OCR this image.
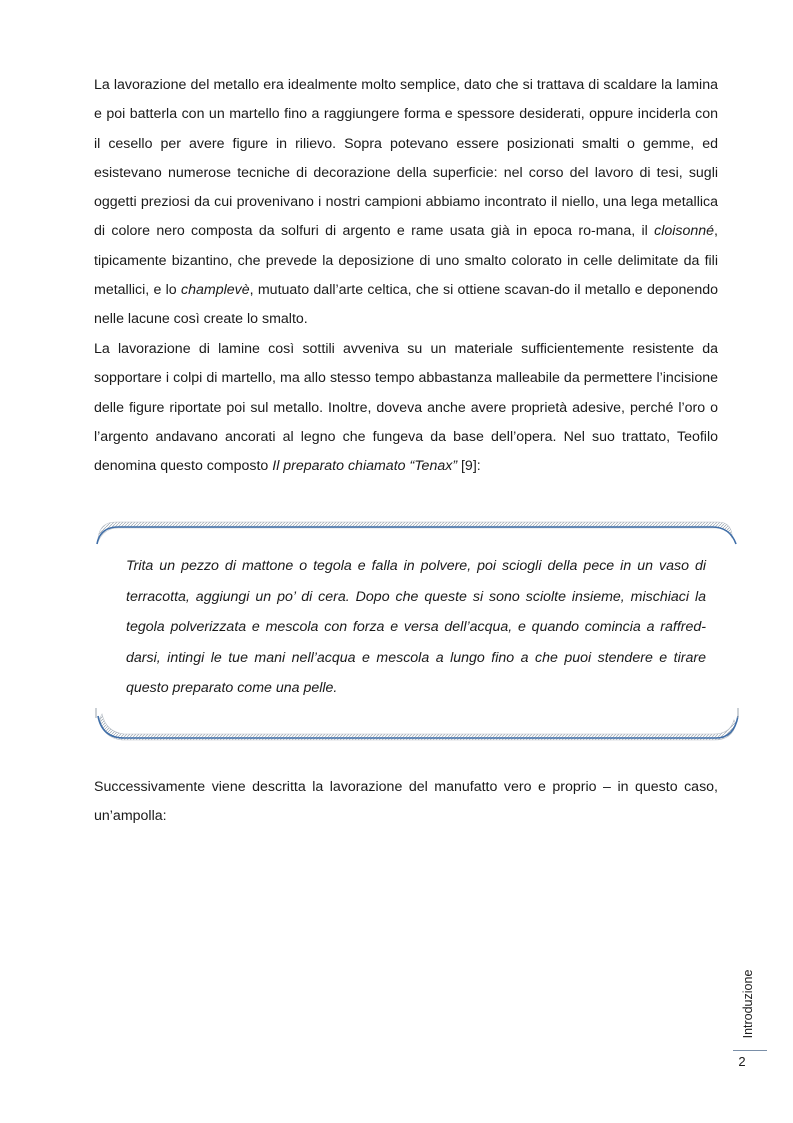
La lavorazione del metallo era idealmente molto semplice, dato che si trattava di scaldare la lamina e poi batterla con un martello fino a raggiungere forma e spessore desiderati, oppure inciderla con il cesello per avere figure in rilievo. Sopra potevano essere posizionati smalti o gemme, ed esistevano numerose tecniche di decorazione della superficie: nel corso del lavoro di tesi, sugli oggetti preziosi da cui provenivano i nostri campioni abbiamo incontrato il niello, una lega metallica di colore nero composta da solfuri di argento e rame usata già in epoca ro-mana, il cloisonné, tipicamente bizantino, che prevede la deposizione di uno smalto colorato in celle delimitate da fili metallici, e lo champlevè, mutuato dall’arte celtica, che si ottiene scavan-do il metallo e deponendo nelle lacune così create lo smalto.

La lavorazione di lamine così sottili avveniva su un materiale sufficientemente resistente da sopportare i colpi di martello, ma allo stesso tempo abbastanza malleabile da permettere l’incisione delle figure riportate poi sul metallo. Inoltre, doveva anche avere proprietà adesive, perché l’oro o l’argento andavano ancorati al legno che fungeva da base dell’opera. Nel suo trattato, Teofilo denomina questo composto Il preparato chiamato “Tenax” [9]:

Trita un pezzo di mattone o tegola e falla in polvere, poi sciogli della pece in un vaso di terracotta, aggiungi un po’ di cera. Dopo che queste si sono sciolte insieme, mischiaci la tegola polverizzata e mescola con forza e versa dell’acqua, e quando comincia a raffred-darsi, intingi le tue mani nell’acqua e mescola a lungo fino a che puoi stendere e tirare questo preparato come una pelle.

Successivamente viene descritta la lavorazione del manufatto vero e proprio – in questo caso, un’ampolla:

Introduzione
2
